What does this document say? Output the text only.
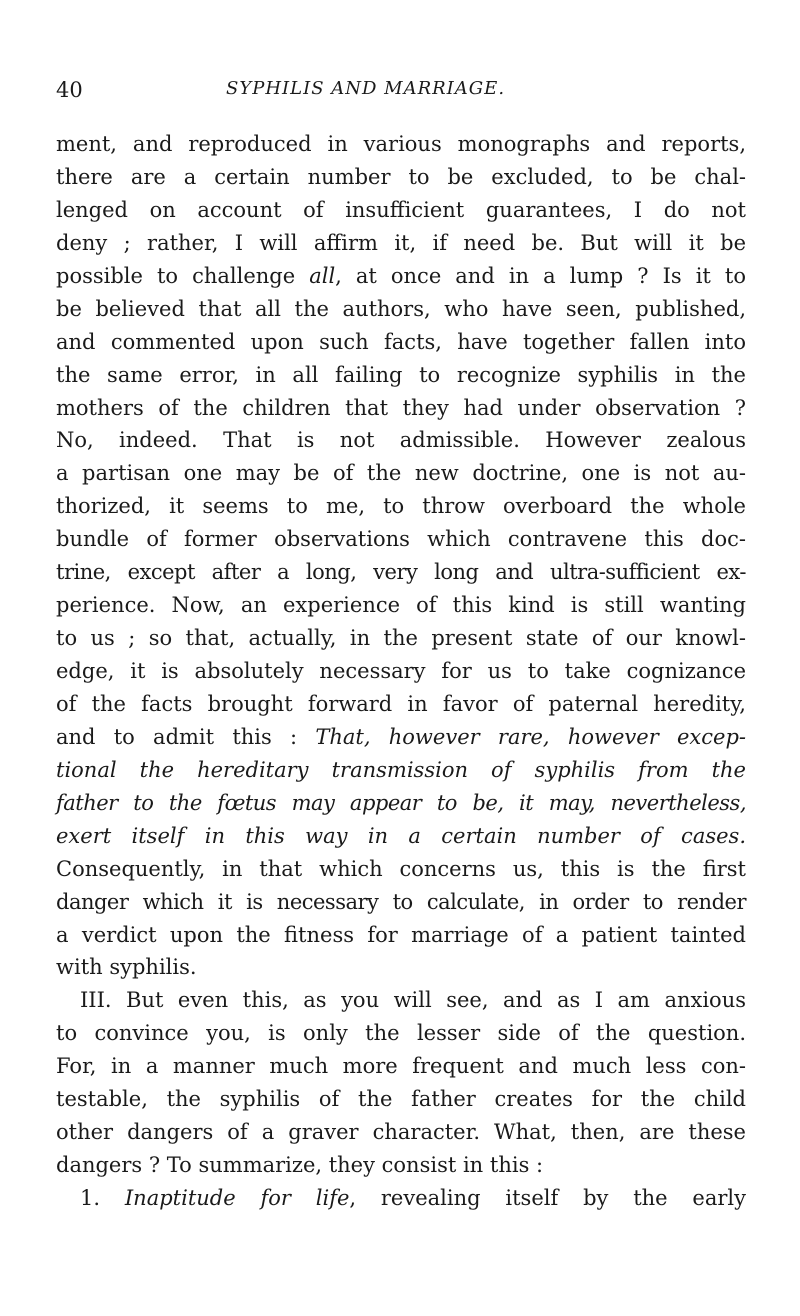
40	SYPHILIS AND MARRIAGE.
ment, and reproduced in various monographs and reports,
there are a certain number to be excluded, to be chal-
lenged on account of insufficient guarantees, I do not
deny ; rather, I will affirm it, if need be. But will it be
possible to challenge all, at once and in a lump ? Is it to
be believed that all the authors, who have seen, published,
and commented upon such facts, have together fallen into
the same error, in all failing to recognize syphilis in the
mothers of the children that they had under observation ?
No, indeed. That is not admissible. However zealous
a partisan one may be of the new doctrine, one is not au-
thorized, it seems to me, to throw overboard the whole
bundle of former observations which contravene this doc-
trine, except after a long, very long and ultra-sufficient ex-
perience. Now, an experience of this kind is still wanting
to us ; so that, actually, in the present state of our knowl-
edge, it is absolutely necessary for us to take cognizance
of the facts brought forward in favor of paternal heredity,
and to admit this : That, however rare, however excep-
tional the hereditary transmission of syphilis from the
father to the fœtus may appear to be, it may, nevertheless,
exert itself in this way in a certain number of cases.
Consequently, in that which concerns us, this is the first
danger which it is necessary to calculate, in order to render
a verdict upon the fitness for marriage of a patient tainted
with syphilis.
III. But even this, as you will see, and as I am anxious
to convince you, is only the lesser side of the question.
For, in a manner much more frequent and much less con-
testable, the syphilis of the father creates for the child
other dangers of a graver character. What, then, are these
dangers ? To summarize, they consist in this :
1. Inaptitude for life, revealing itself by the early
